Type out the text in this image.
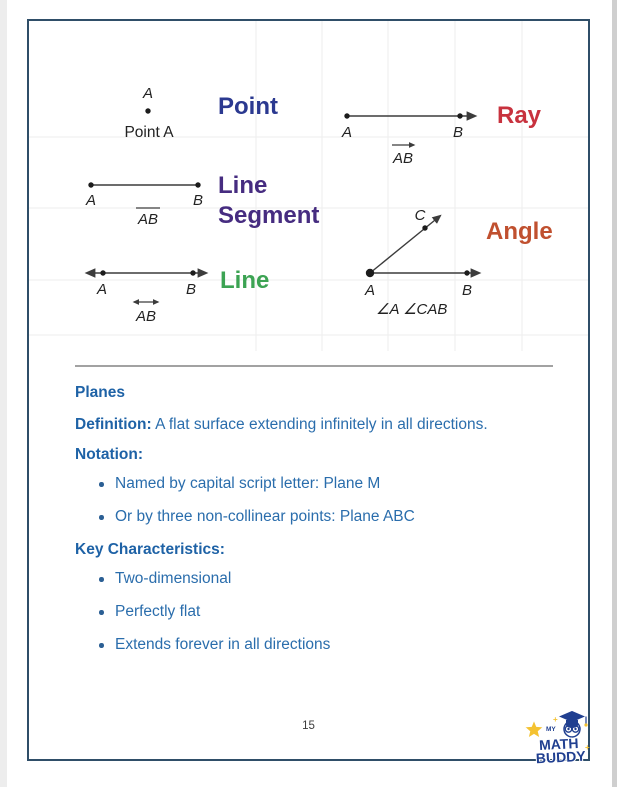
A
Point A	A	B
AB
A	B
AB
A	B
AB
C
A	B
∠A ∠CAB
Point	Ray
Line Segment
Line
Angle
Planes

Definition: A flat surface extending infinitely in all directions.

Notation:
Named by capital script letter: Plane M
Or by three non-collinear points: Plane ABC
Key Characteristics:
Two-dimensional
Perfectly flat
Extends forever in all directions
15	MY
+
+
MATH
BUDDY
